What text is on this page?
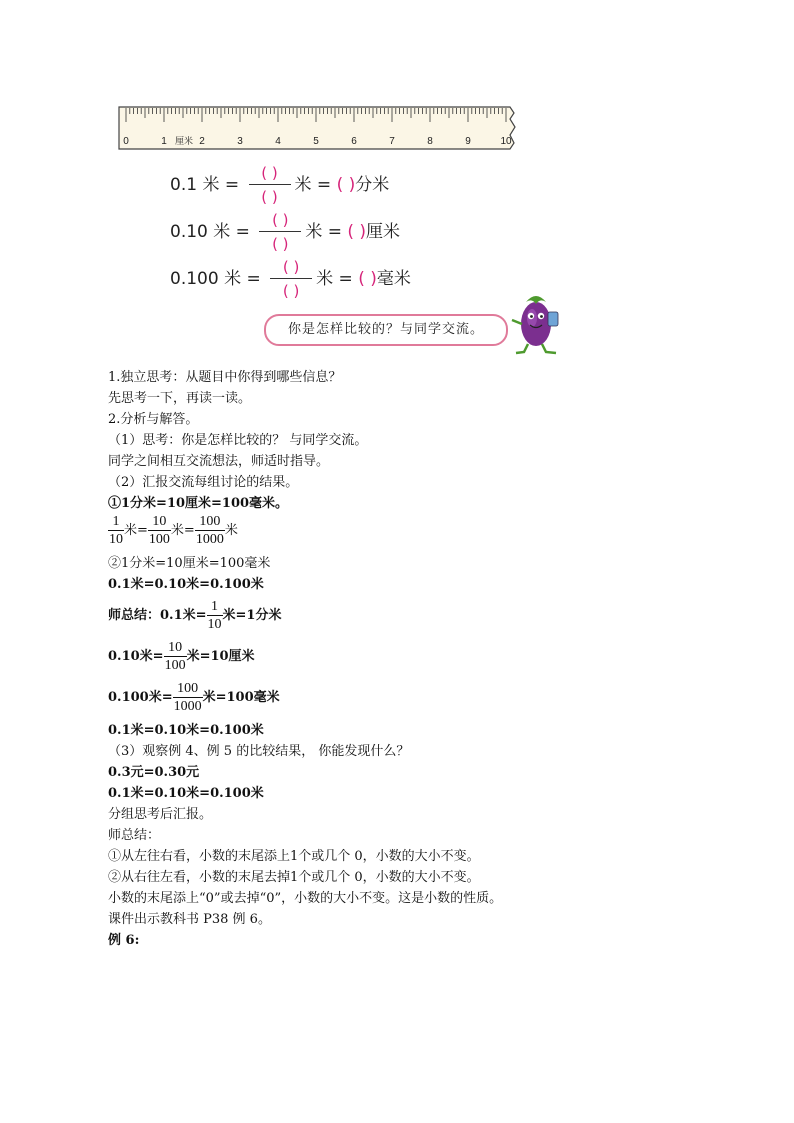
0	1	2	3	4	5	6	7	8	9	10
厘米
0.1 米 = $\frac{( )}{( )}$ 米 = ( )分米
0.10 米 = $\frac{( )}{( )}$ 米 = ( )厘米
0.100 米 = $\frac{( )}{( )}$ 米 = ( )毫米
你是怎样比较的？与同学交流。
1.独立思考：从题目中你得到哪些信息？
先思考一下，再读一读。
2.分析与解答。
（1）思考：你是怎样比较的？ 与同学交流。
同学之间相互交流想法，师适时指导。
（2）汇报交流每组讨论的结果。
①1分米=10厘米=100毫米。
$\frac{1}{10}$ 米= $\frac{10}{100}$ 米= $\frac{100}{1000}$ 米
②1分米=10厘米=100毫米
0.1米=0.10米=0.100米
师总结：0.1米= $\frac{1}{10}$ 米=1分米
0.10米= $\frac{10}{100}$ 米=10厘米
0.100米= $\frac{100}{1000}$ 米=100毫米
0.1米=0.10米=0.100米
（3）观察例 4、例 5 的比较结果， 你能发现什么？
0.3元=0.30元
0.1米=0.10米=0.100米
分组思考后汇报。
师总结：
①从左往右看，小数的末尾添上1个或几个 0，小数的大小不变。
②从右往左看，小数的末尾去掉1个或几个 0，小数的大小不变。
小数的末尾添上“0”或去掉“0”，小数的大小不变。这是小数的性质。
课件出示教科书 P38 例 6。
例 6:
